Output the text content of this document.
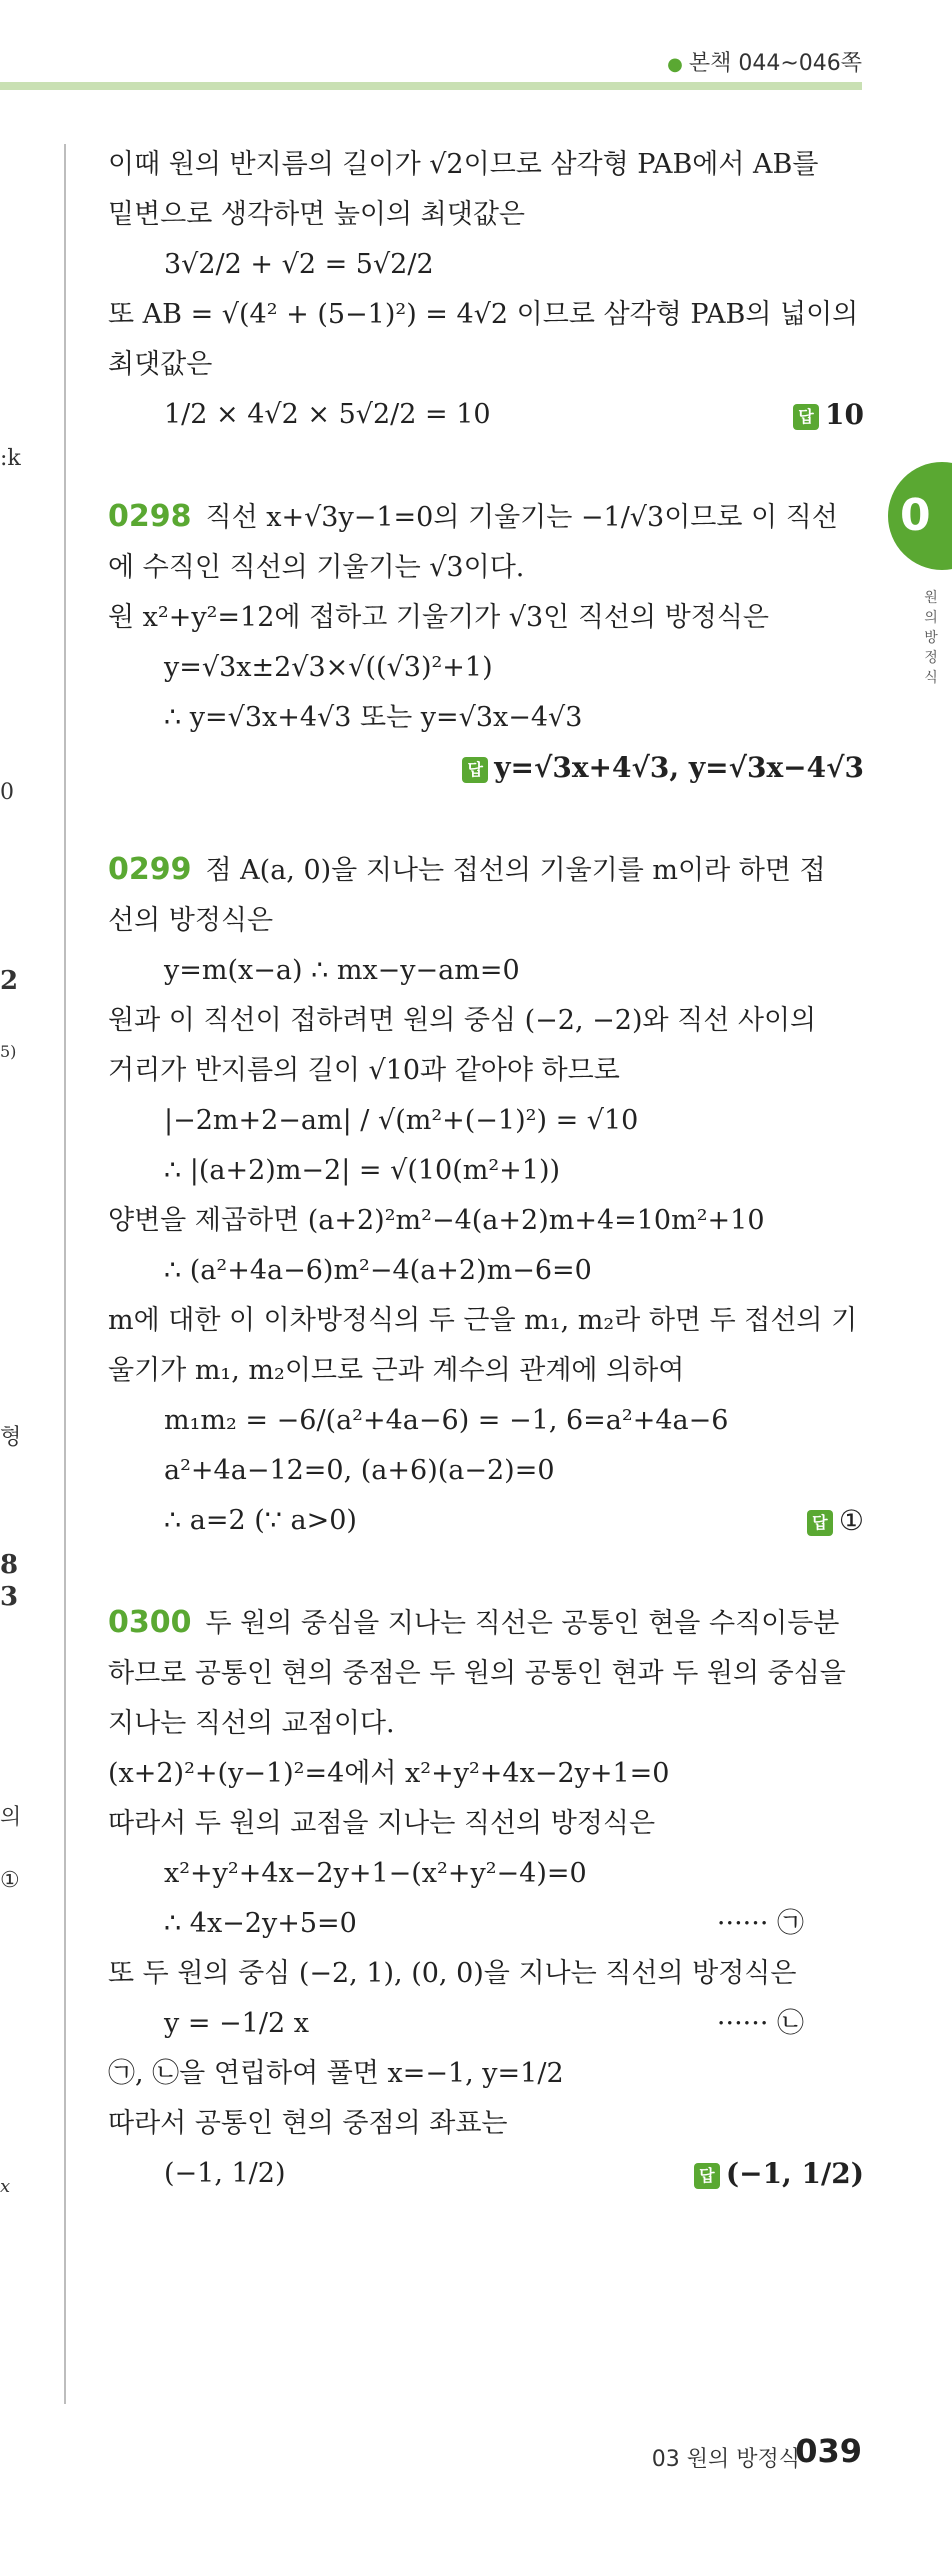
● 본책 044~046쪽
:k
0
2
5)
형
8
3
의
①
x
0
원의방정식
이때 원의 반지름의 길이가 √2이므로 삼각형 PAB에서 AB를
밑변으로 생각하면 높이의 최댓값은
3√2/2 + √2 = 5√2/2
또 AB = √(4² + (5−1)²) = 4√2 이므로 삼각형 PAB의 넓이의
최댓값은
1/2 × 4√2 × 5√2/2 = 10	답 10
0298 직선 x+√3y−1=0의 기울기는 −1/√3이므로 이 직선
에 수직인 직선의 기울기는 √3이다.
원 x²+y²=12에 접하고 기울기가 √3인 직선의 방정식은
y=√3x±2√3×√((√3)²+1)
∴ y=√3x+4√3 또는 y=√3x−4√3
답 y=√3x+4√3, y=√3x−4√3
0299 점 A(a, 0)을 지나는 접선의 기울기를 m이라 하면 접
선의 방정식은
y=m(x−a) ∴ mx−y−am=0
원과 이 직선이 접하려면 원의 중심 (−2, −2)와 직선 사이의
거리가 반지름의 길이 √10과 같아야 하므로
|−2m+2−am| / √(m²+(−1)²) = √10
∴ |(a+2)m−2| = √(10(m²+1))
양변을 제곱하면 (a+2)²m²−4(a+2)m+4=10m²+10
∴ (a²+4a−6)m²−4(a+2)m−6=0
m에 대한 이 이차방정식의 두 근을 m₁, m₂라 하면 두 접선의 기
울기가 m₁, m₂이므로 근과 계수의 관계에 의하여
m₁m₂ = −6/(a²+4a−6) = −1, 6=a²+4a−6
a²+4a−12=0, (a+6)(a−2)=0
∴ a=2 (∵ a>0)	답 ①
0300 두 원의 중심을 지나는 직선은 공통인 현을 수직이등분
하므로 공통인 현의 중점은 두 원의 공통인 현과 두 원의 중심을
지나는 직선의 교점이다.
(x+2)²+(y−1)²=4에서 x²+y²+4x−2y+1=0
따라서 두 원의 교점을 지나는 직선의 방정식은
x²+y²+4x−2y+1−(x²+y²−4)=0
∴ 4x−2y+5=0	······ ㉠
또 두 원의 중심 (−2, 1), (0, 0)을 지나는 직선의 방정식은
y = −1/2 x	······ ㉡
㉠, ㉡을 연립하여 풀면 x=−1, y=1/2
따라서 공통인 현의 중점의 좌표는
(−1, 1/2)	답 (−1, 1/2)
03 원의 방정식
039
